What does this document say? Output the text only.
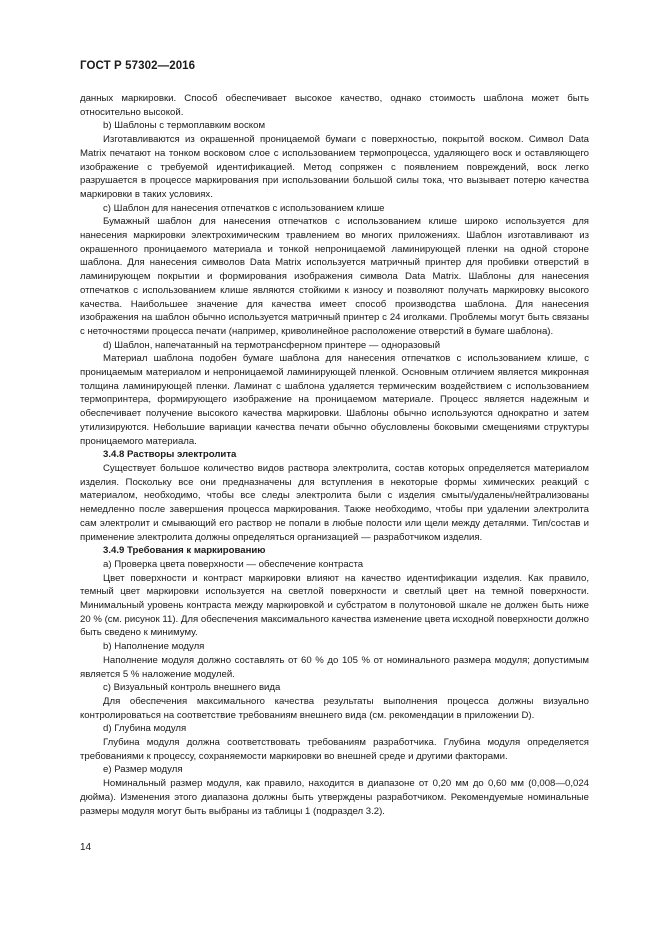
ГОСТ Р 57302—2016

данных маркировки. Способ обеспечивает высокое качество, однако стоимость шаблона может быть относительно высокой.

b) Шаблоны с термоплавким воском

Изготавливаются из окрашенной проницаемой бумаги с поверхностью, покрытой воском. Символ Data Matrix печатают на тонком восковом слое с использованием термопроцесса, удаляющего воск и оставляющего изображение с требуемой идентификацией. Метод сопряжен с появлением повреждений, воск легко разрушается в процессе маркирования при использовании большой силы тока, что вызывает потерю качества маркировки в таких условиях.

c) Шаблон для нанесения отпечатков с использованием клише

Бумажный шаблон для нанесения отпечатков с использованием клише широко используется для нанесения маркировки электрохимическим травлением во многих приложениях. Шаблон изготавливают из окрашенного проницаемого материала и тонкой непроницаемой ламинирующей пленки на одной стороне шаблона. Для нанесения символов Data Matrix используется матричный принтер для пробивки отверстий в ламинирующем покрытии и формирования изображения символа Data Matrix. Шаблоны для нанесения отпечатков с использованием клише являются стойкими к износу и позволяют получать маркировку высокого качества. Наибольшее значение для качества имеет способ производства шаблона. Для нанесения изображения на шаблон обычно используется матричный принтер с 24 иголками. Проблемы могут быть связаны с неточностями процесса печати (например, криволинейное расположение отверстий в бумаге шаблона).

d) Шаблон, напечатанный на термотрансферном принтере — одноразовый

Материал шаблона подобен бумаге шаблона для нанесения отпечатков с использованием клише, с проницаемым материалом и непроницаемой ламинирующей пленкой. Основным отличием является микронная толщина ламинирующей пленки. Ламинат с шаблона удаляется термическим воздействием с использованием термопринтера, формирующего изображение на проницаемом материале. Процесс является надежным и обеспечивает получение высокого качества маркировки. Шаблоны обычно используются однократно и затем утилизируются. Небольшие вариации качества печати обычно обусловлены боковыми смещениями структуры проницаемого материала.

3.4.8 Растворы электролита

Существует большое количество видов раствора электролита, состав которых определяется материалом изделия. Поскольку все они предназначены для вступления в некоторые формы химических реакций с материалом, необходимо, чтобы все следы электролита были с изделия смыты/удалены/нейтрализованы немедленно после завершения процесса маркирования. Также необходимо, чтобы при удалении электролита сам электролит и смывающий его раствор не попали в любые полости или щели между деталями. Тип/состав и применение электролита должны определяться организацией — разработчиком изделия.

3.4.9 Требования к маркированию

a) Проверка цвета поверхности — обеспечение контраста

Цвет поверхности и контраст маркировки влияют на качество идентификации изделия. Как правило, темный цвет маркировки используется на светлой поверхности и светлый цвет на темной поверхности. Минимальный уровень контраста между маркировкой и субстратом в полутоновой шкале не должен быть ниже 20 % (см. рисунок 11). Для обеспечения максимального качества изменение цвета исходной поверхности должно быть сведено к минимуму.

b) Наполнение модуля

Наполнение модуля должно составлять от 60 % до 105 % от номинального размера модуля; допустимым является 5 % наложение модулей.

c) Визуальный контроль внешнего вида

Для обеспечения максимального качества результаты выполнения процесса должны визуально контролироваться на соответствие требованиям внешнего вида (см. рекомендации в приложении D).

d) Глубина модуля

Глубина модуля должна соответствовать требованиям разработчика. Глубина модуля определяется требованиями к процессу, сохраняемости маркировки во внешней среде и другими факторами.

e) Размер модуля

Номинальный размер модуля, как правило, находится в диапазоне от 0,20 мм до 0,60 мм (0,008—0,024 дюйма). Изменения этого диапазона должны быть утверждены разработчиком. Рекомендуемые номинальные размеры модуля могут быть выбраны из таблицы 1 (подраздел 3.2).

14
